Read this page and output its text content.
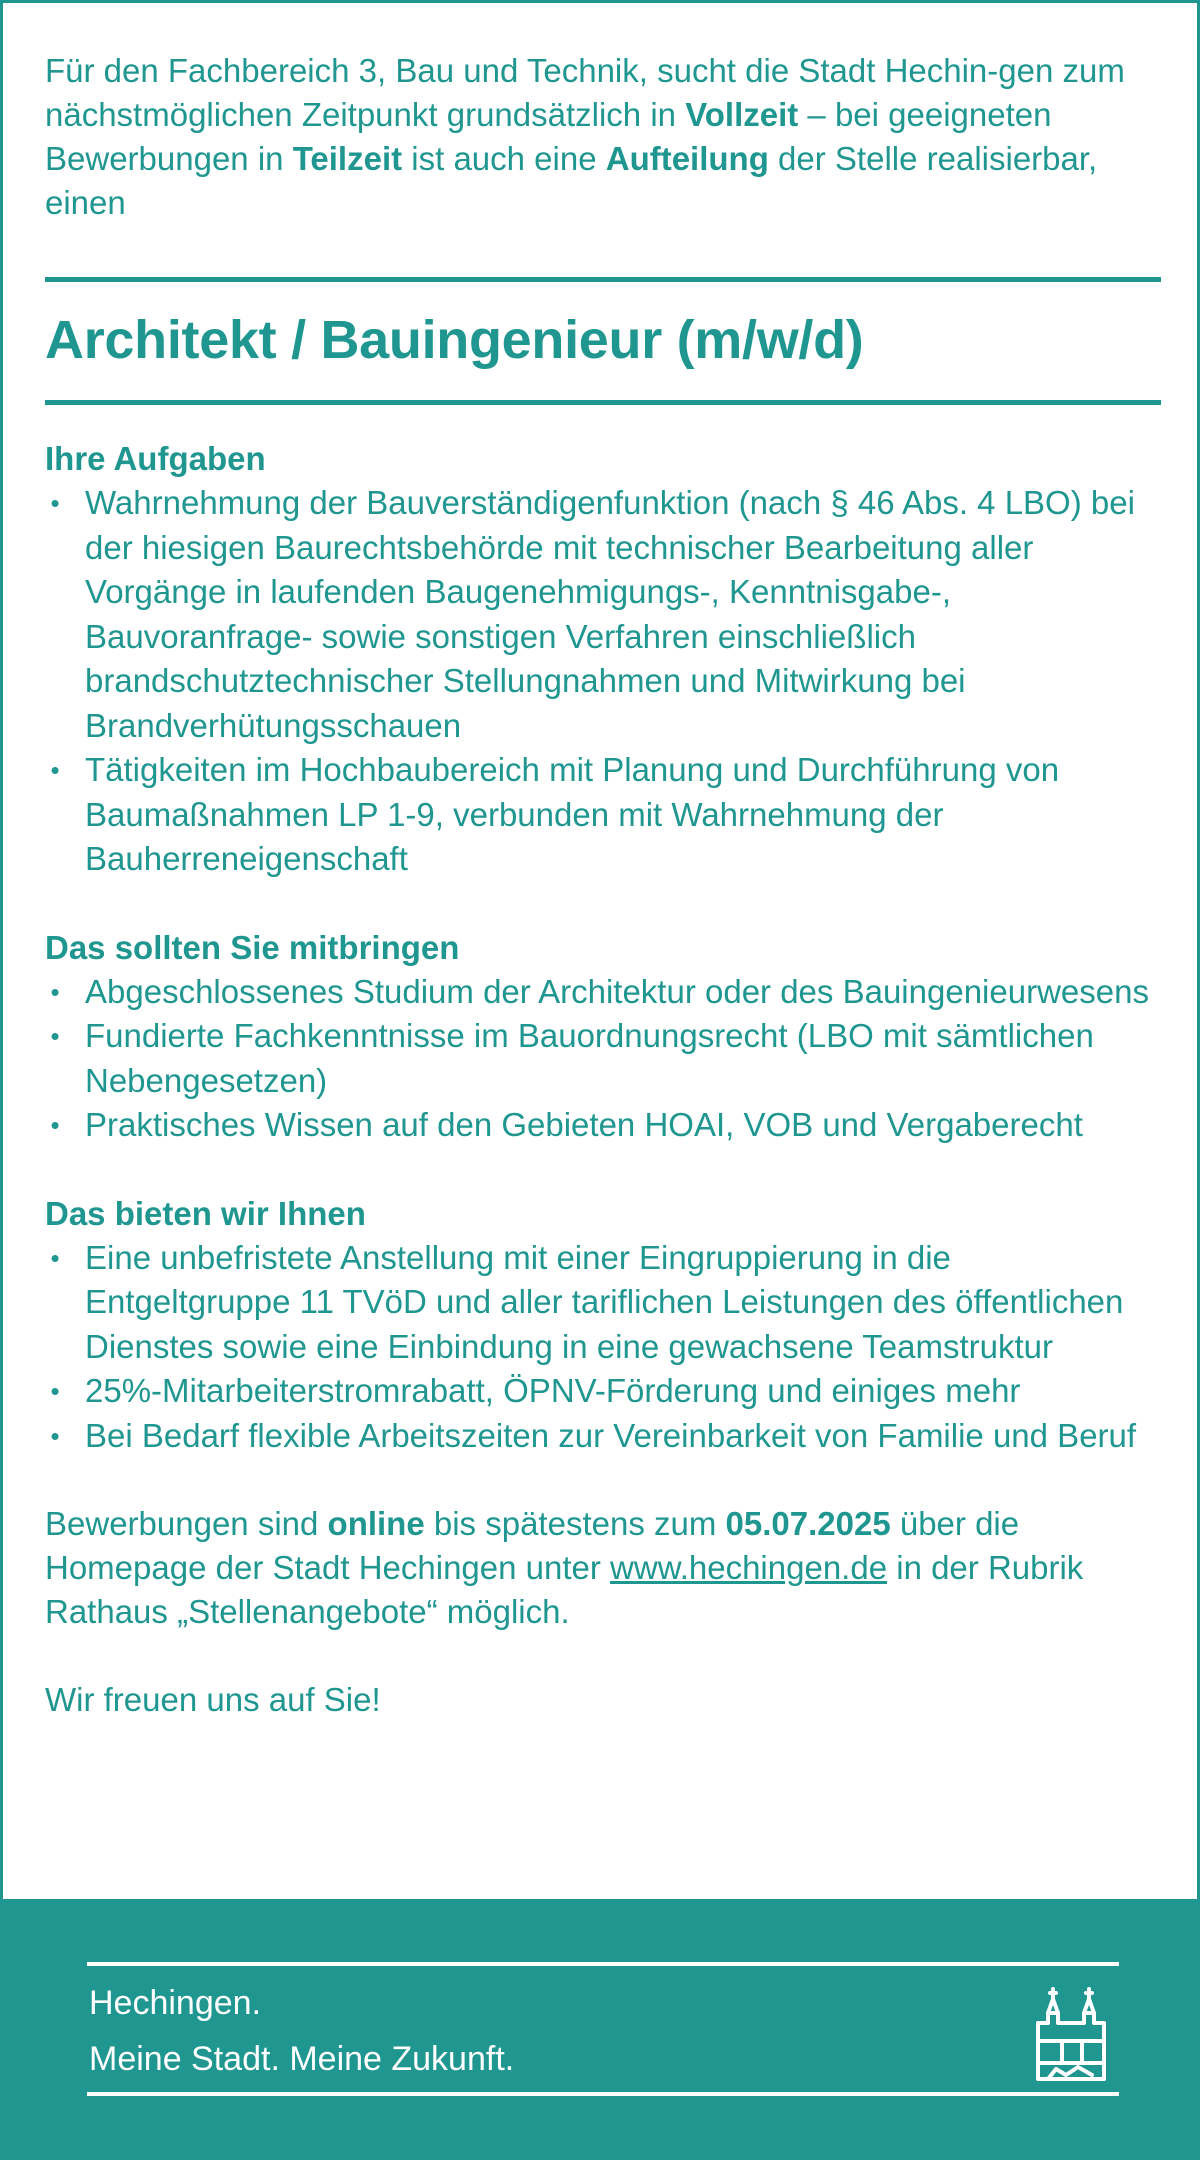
Für den Fachbereich 3, Bau und Technik, sucht die Stadt Hechin-gen zum nächstmöglichen Zeitpunkt grundsätzlich in Vollzeit – bei geeigneten Bewerbungen in Teilzeit ist auch eine Aufteilung der Stelle realisierbar, einen

Architekt / Bauingenieur (m/w/d)
Ihre Aufgaben
• Wahrnehmung der Bauverständigenfunktion (nach § 46 Abs. 4 LBO) bei der hiesigen Baurechtsbehörde mit technischer Bearbeitung aller Vorgänge in laufenden Baugenehmigungs-, Kenntnisgabe-, Bauvoranfrage- sowie sonstigen Verfahren einschließlich brandschutztechnischer Stellungnahmen und Mitwirkung bei Brandverhütungsschauen
• Tätigkeiten im Hochbaubereich mit Planung und Durchführung von Baumaßnahmen LP 1-9, verbunden mit Wahrnehmung der Bauherreneigenschaft
Das sollten Sie mitbringen
• Abgeschlossenes Studium der Architektur oder des Bauingenieurwesens
• Fundierte Fachkenntnisse im Bauordnungsrecht (LBO mit sämtlichen Nebengesetzen)
• Praktisches Wissen auf den Gebieten HOAI, VOB und Vergaberecht
Das bieten wir Ihnen
• Eine unbefristete Anstellung mit einer Eingruppierung in die Entgeltgruppe 11 TVöD und aller tariflichen Leistungen des öffentlichen Dienstes sowie eine Einbindung in eine gewachsene Teamstruktur
• 25%-Mitarbeiterstromrabatt, ÖPNV-Förderung und einiges mehr
• Bei Bedarf flexible Arbeitszeiten zur Vereinbarkeit von Familie und Beruf

Bewerbungen sind online bis spätestens zum 05.07.2025 über die Homepage der Stadt Hechingen unter www.hechingen.de in der Rubrik Rathaus „Stellenangebote“ möglich.

Wir freuen uns auf Sie!

Hechingen.
Meine Stadt. Meine Zukunft.
